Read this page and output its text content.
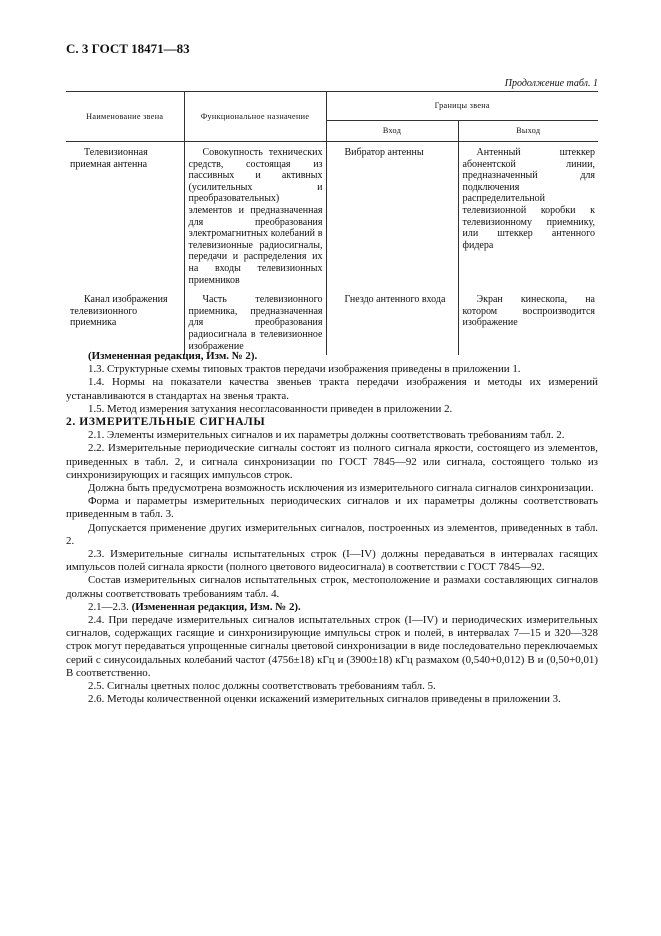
С. 3 ГОСТ 18471—83
Продолжение табл. 1
Наименование звена	Функциональное назначение	Границы звена	
		Вход	Выход
Телевизионная приемная антенна	Совокупность технических средств, состоящая из пассивных и активных (усилительных и преобразовательных) элементов и предназначенная для преобразования электромагнитных колебаний в телевизионные радиосигналы, передачи и распределения их на входы телевизионных приемников	Вибратор антенны	Антенный штеккер абонентской линии, предназначенный для подключения распределительной телевизионной коробки к телевизионному приемнику, или штеккер антенного фидера
Канал изображения телевизионного приемника	Часть телевизионного приемника, предназначенная для преобразования радиосигнала в телевизионное изображение	Гнездо антенного входа	Экран кинескопа, на котором воспроизводится изображение

(Измененная редакция, Изм. № 2).

1.3. Структурные схемы типовых трактов передачи изображения приведены в приложении 1.

1.4. Нормы на показатели качества звеньев тракта передачи изображения и методы их измерений устанавливаются в стандартах на звенья тракта.

1.5. Метод измерения затухания несогласованности приведен в приложении 2.

2. ИЗМЕРИТЕЛЬНЫЕ СИГНАЛЫ

2.1. Элементы измерительных сигналов и их параметры должны соответствовать требованиям табл. 2.

2.2. Измерительные периодические сигналы состоят из полного сигнала яркости, состоящего из элементов, приведенных в табл. 2, и сигнала синхронизации по ГОСТ 7845—92 или сигнала, состоящего только из синхронизирующих и гасящих импульсов строк.

Должна быть предусмотрена возможность исключения из измерительного сигнала сигналов синхронизации.

Форма и параметры измерительных периодических сигналов и их параметры должны соответствовать приведенным в табл. 3.

Допускается применение других измерительных сигналов, построенных из элементов, приведенных в табл. 2.

2.3. Измерительные сигналы испытательных строк (I—IV) должны передаваться в интервалах гасящих импульсов полей сигнала яркости (полного цветового видеосигнала) в соответствии с ГОСТ 7845—92.

Состав измерительных сигналов испытательных строк, местоположение и размахи составляющих сигналов должны соответствовать требованиям табл. 4.

2.1—2.3. (Измененная редакция, Изм. № 2).

2.4. При передаче измерительных сигналов испытательных строк (I—IV) и периодических измерительных сигналов, содержащих гасящие и синхронизирующие импульсы строк и полей, в интервалах 7—15 и 320—328 строк могут передаваться упрощенные сигналы цветовой синхронизации в виде последовательно переключаемых серий с синусоидальных колебаний частот (4756±18) кГц и (3900±18) кГц размахом (0,540+0,012) В и (0,50+0,01) В соответственно.

2.5. Сигналы цветных полос должны соответствовать требованиям табл. 5.

2.6. Методы количественной оценки искажений измерительных сигналов приведены в приложении 3.
